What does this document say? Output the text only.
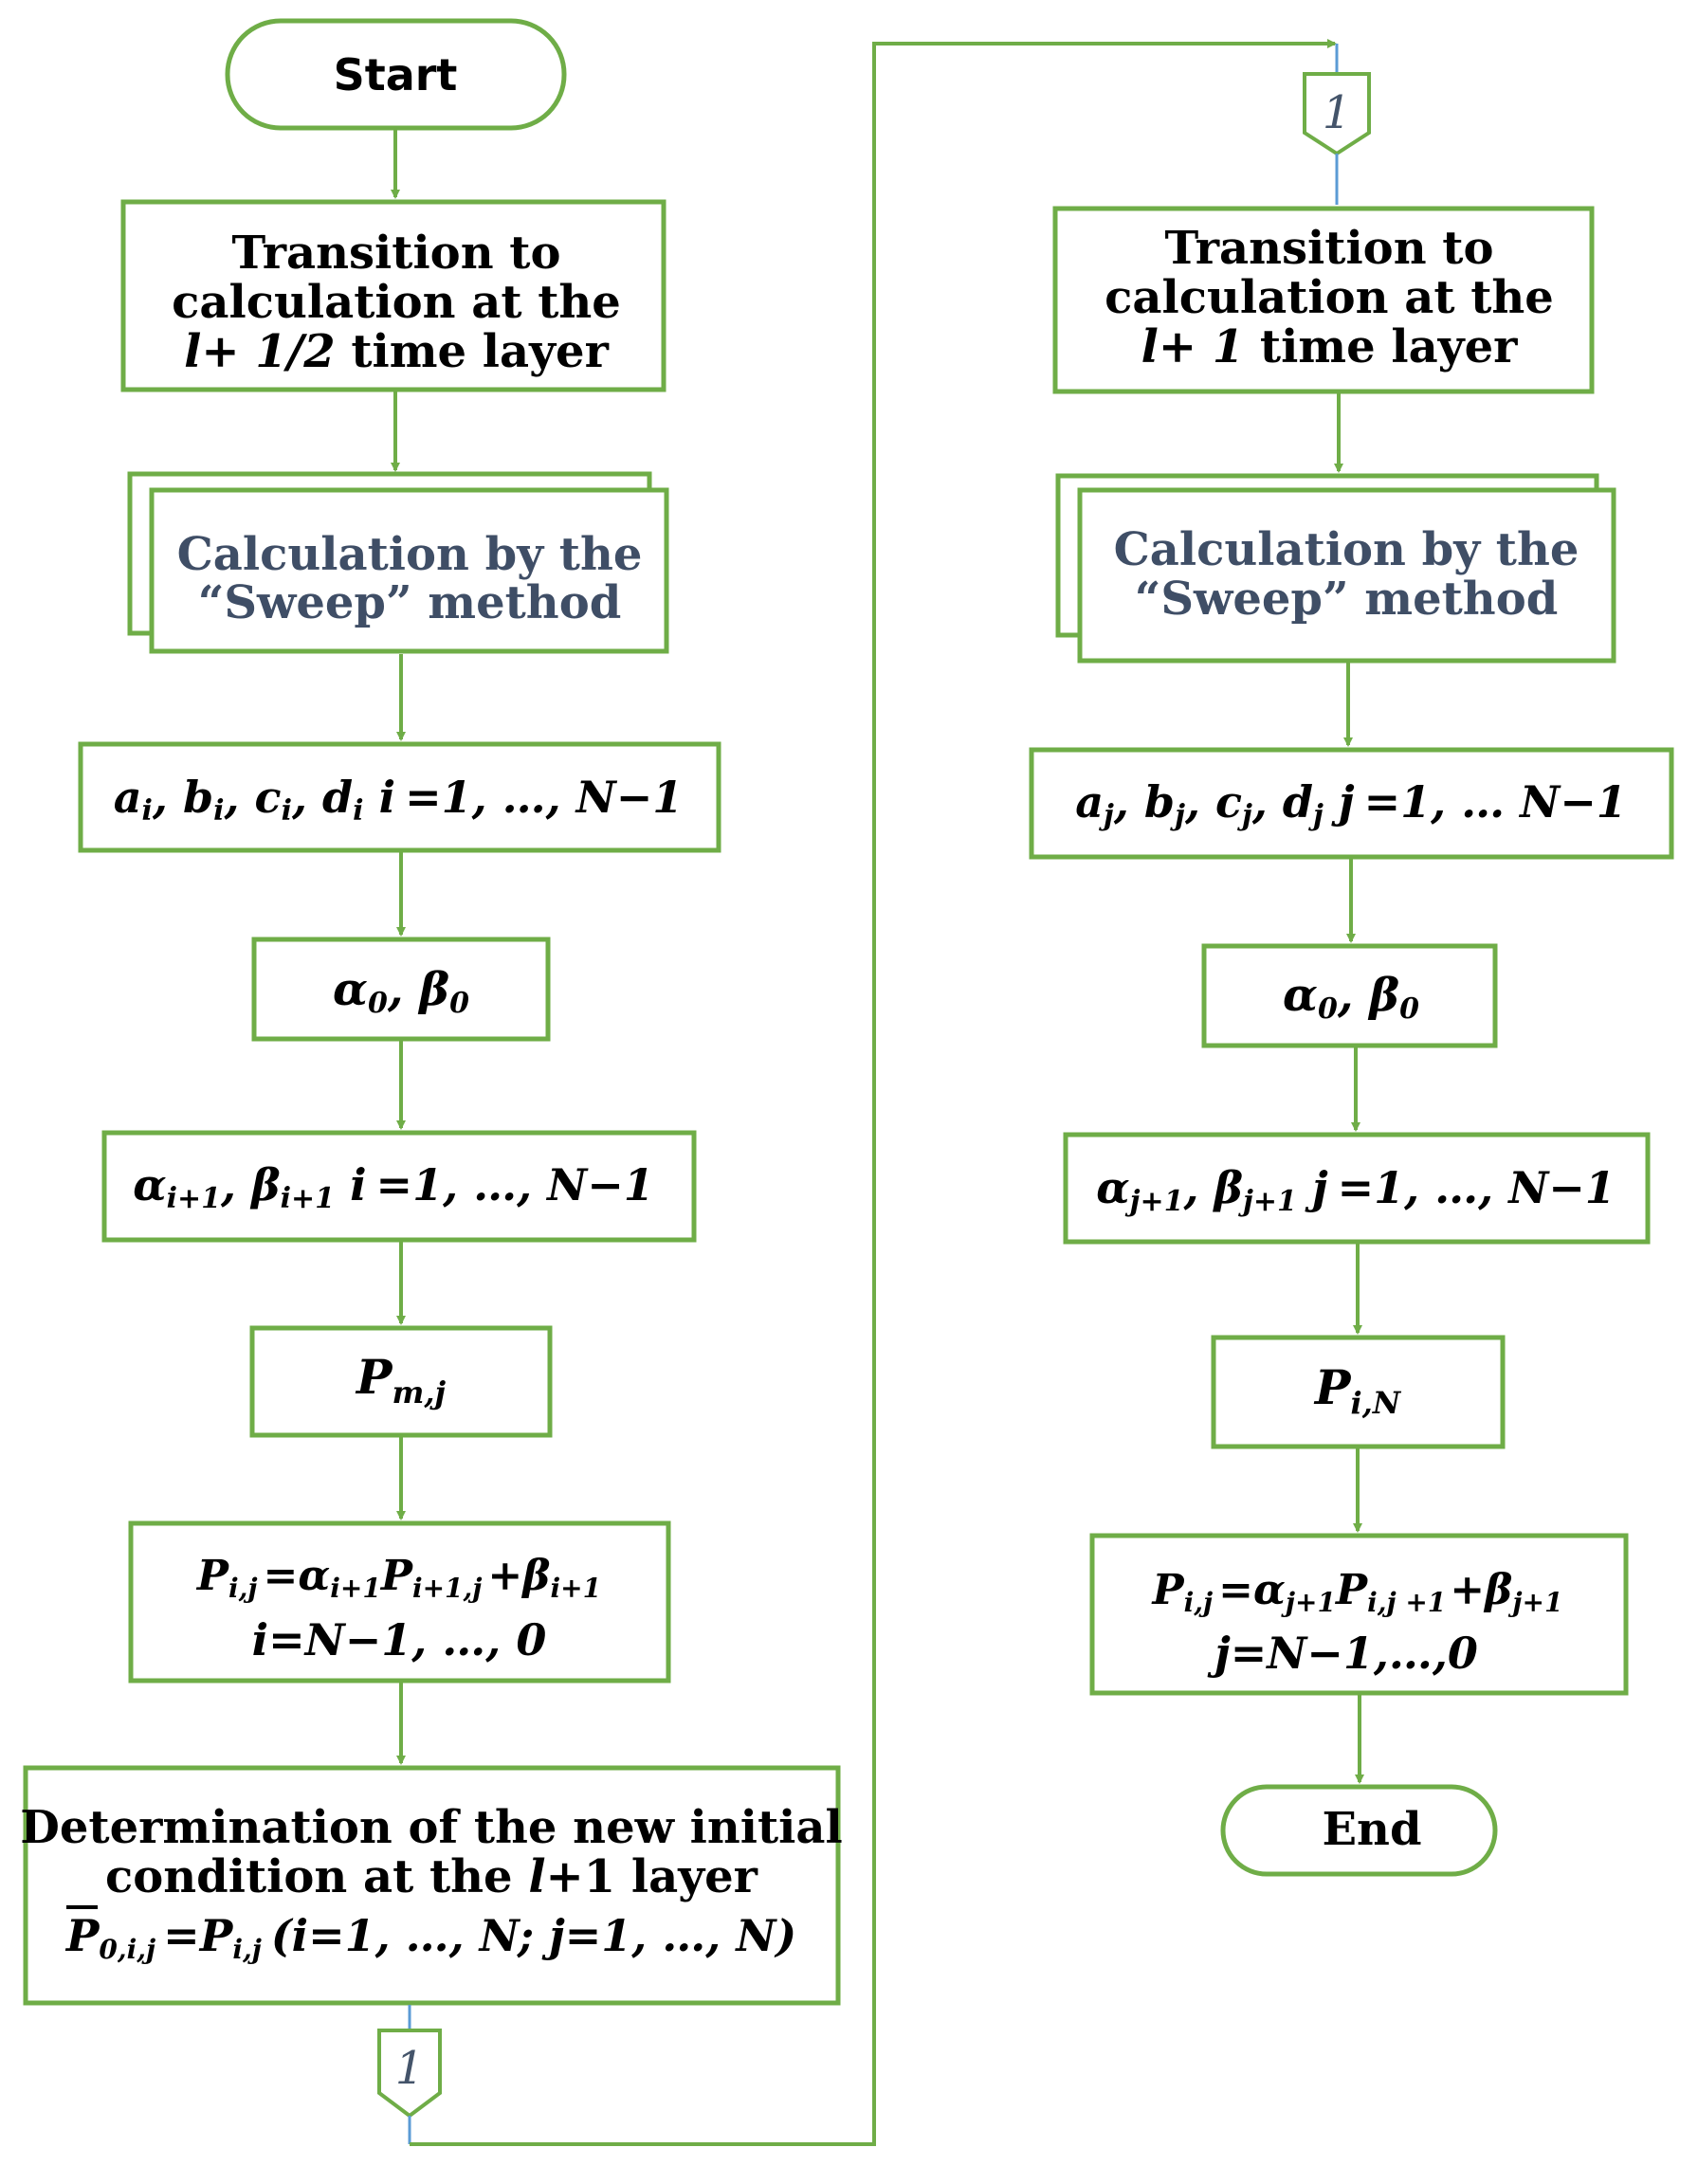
Start
Transition to
calculation at the
l+ 1/2 time layer
Calculation by the
“Sweep” method
ai, bi, ci, di i =1, …, N−1
α0, β0
αi+1, βi+1 i =1, …, N−1
$P_{m,j}$
Pi,j =αi+1Pi+1,j +βi+1
i=N−1, …, 0
Determination of the new initial
condition at the l+1 layer
P0,i,j =Pi,j (i=1, …, N; j=1, …, N)
1
1
Transition to
calculation at the
l+ 1 time layer
Calculation by the
“Sweep” method
aj, bj, cj, dj j =1, … N−1
α0, β0
αj+1, βj+1 j =1, …, N−1
$P_{i,N}$
Pi,j =αj+1Pi,j +1+βj+1
j=N−1,…,0
End
